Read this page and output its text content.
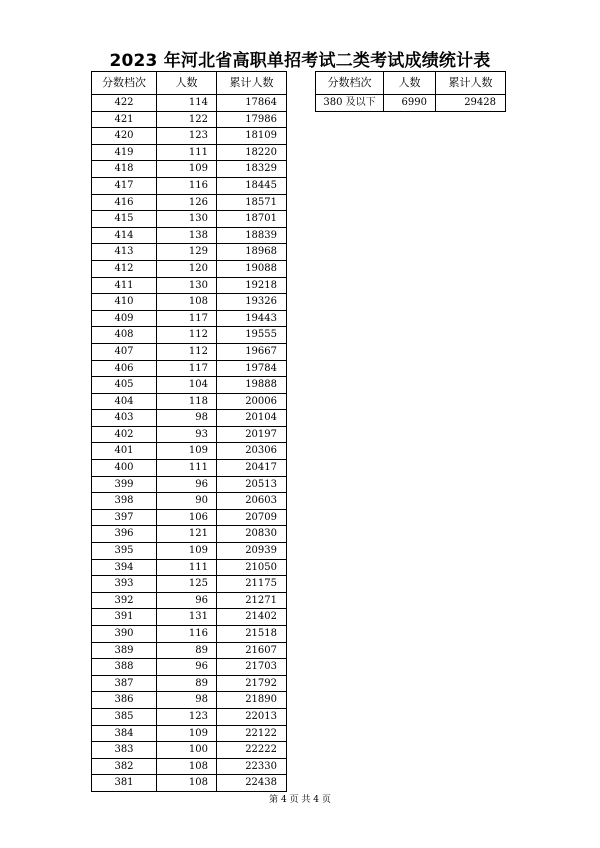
2023 年河北省高职单招考试二类考试成绩统计表
分数档次	人数	累计人数
422	114	17864
421	122	17986
420	123	18109
419	111	18220
418	109	18329
417	116	18445
416	126	18571
415	130	18701
414	138	18839
413	129	18968
412	120	19088
411	130	19218
410	108	19326
409	117	19443
408	112	19555
407	112	19667
406	117	19784
405	104	19888
404	118	20006
403	98	20104
402	93	20197
401	109	20306
400	111	20417
399	96	20513
398	90	20603
397	106	20709
396	121	20830
395	109	20939
394	111	21050
393	125	21175
392	96	21271
391	131	21402
390	116	21518
389	89	21607
388	96	21703
387	89	21792
386	98	21890
385	123	22013
384	109	22122
383	100	22222
382	108	22330
381	108	22438
分数档次	人数	累计人数
380 及以下	6990	29428
第 4 页 共 4 页
